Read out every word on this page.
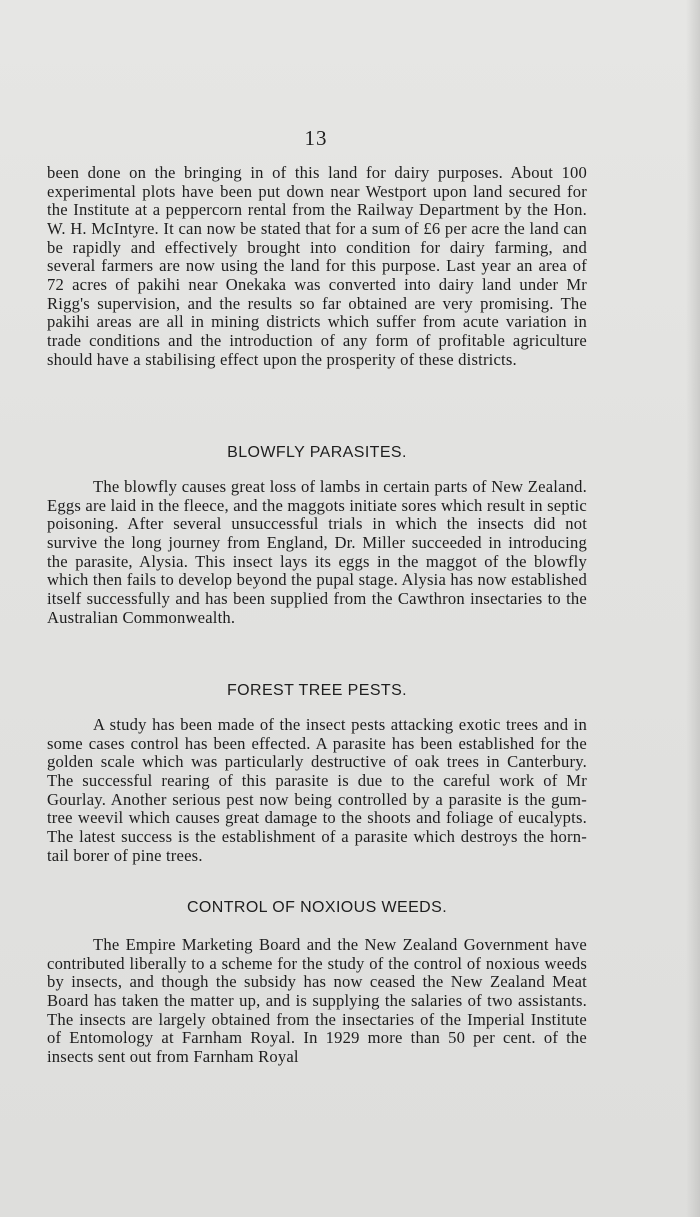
13

been done on the bringing in of this land for dairy purposes. About 100 experimental plots have been put down near Westport upon land secured for the Institute at a peppercorn rental from the Railway Department by the Hon. W. H. McIntyre. It can now be stated that for a sum of £6 per acre the land can be rapidly and effectively brought into condition for dairy farming, and several farmers are now using the land for this purpose. Last year an area of 72 acres of pakihi near Onekaka was converted into dairy land under Mr Rigg's supervision, and the results so far obtained are very promising. The pakihi areas are all in mining districts which suffer from acute variation in trade conditions and the introduction of any form of profitable agriculture should have a stabilising effect upon the prosperity of these districts.

BLOWFLY PARASITES.

The blowfly causes great loss of lambs in certain parts of New Zealand. Eggs are laid in the fleece, and the maggots initiate sores which result in septic poisoning. After several unsuccessful trials in which the insects did not survive the long journey from England, Dr. Miller succeeded in introducing the parasite, Alysia. This insect lays its eggs in the maggot of the blowfly which then fails to develop beyond the pupal stage. Alysia has now established itself successfully and has been supplied from the Cawthron insectaries to the Australian Commonwealth.

FOREST TREE PESTS.

A study has been made of the insect pests attacking exotic trees and in some cases control has been effected. A parasite has been established for the golden scale which was particularly destructive of oak trees in Canterbury. The successful rearing of this parasite is due to the careful work of Mr Gourlay. Another serious pest now being controlled by a parasite is the gum-tree weevil which causes great damage to the shoots and foliage of eucalypts. The latest success is the establishment of a parasite which destroys the horn-tail borer of pine trees.

CONTROL OF NOXIOUS WEEDS.

The Empire Marketing Board and the New Zealand Government have contributed liberally to a scheme for the study of the control of noxious weeds by insects, and though the subsidy has now ceased the New Zealand Meat Board has taken the matter up, and is supplying the salaries of two assistants. The insects are largely obtained from the insectaries of the Imperial Institute of Entomology at Farnham Royal. In 1929 more than 50 per cent. of the insects sent out from Farnham Royal
